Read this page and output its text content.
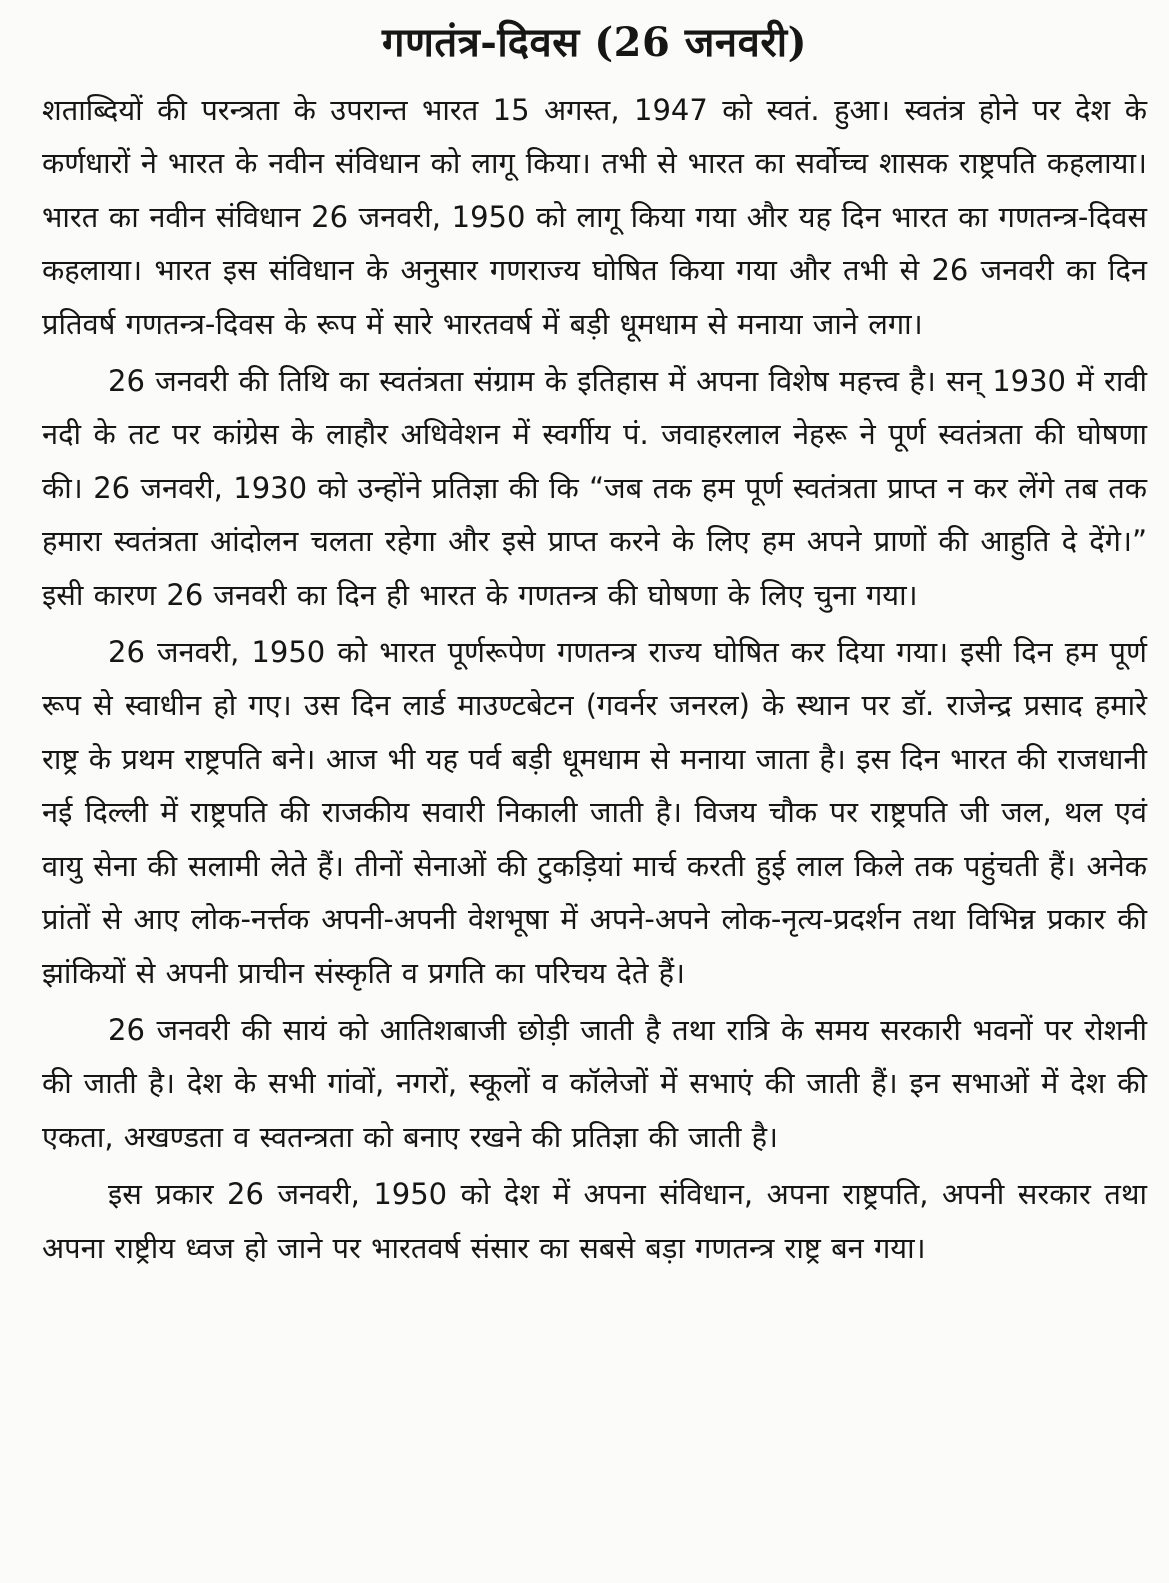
गणतंत्र-दिवस (26 जनवरी)

शताब्दियों की परन्त्रता के उपरान्त भारत 15 अगस्त, 1947 को स्वतं. हुआ। स्वतंत्र होने पर देश के कर्णधारों ने भारत के नवीन संविधान को लागू किया। तभी से भारत का सर्वोच्च शासक राष्ट्रपति कहलाया। भारत का नवीन संविधान 26 जनवरी, 1950 को लागू किया गया और यह दिन भारत का गणतन्त्र-दिवस कहलाया। भारत इस संविधान के अनुसार गणराज्य घोषित किया गया और तभी से 26 जनवरी का दिन प्रतिवर्ष गणतन्त्र-दिवस के रूप में सारे भारतवर्ष में बड़ी धूमधाम से मनाया जाने लगा।

26 जनवरी की तिथि का स्वतंत्रता संग्राम के इतिहास में अपना विशेष महत्त्व है। सन् 1930 में रावी नदी के तट पर कांग्रेस के लाहौर अधिवेशन में स्वर्गीय पं. जवाहरलाल नेहरू ने पूर्ण स्वतंत्रता की घोषणा की। 26 जनवरी, 1930 को उन्होंने प्रतिज्ञा की कि “जब तक हम पूर्ण स्वतंत्रता प्राप्त न कर लेंगे तब तक हमारा स्वतंत्रता आंदोलन चलता रहेगा और इसे प्राप्त करने के लिए हम अपने प्राणों की आहुति दे देंगे।” इसी कारण 26 जनवरी का दिन ही भारत के गणतन्त्र की घोषणा के लिए चुना गया।

26 जनवरी, 1950 को भारत पूर्णरूपेण गणतन्त्र राज्य घोषित कर दिया गया। इसी दिन हम पूर्ण रूप से स्वाधीन हो गए। उस दिन लार्ड माउण्टबेटन (गवर्नर जनरल) के स्थान पर डॉ. राजेन्द्र प्रसाद हमारे राष्ट्र के प्रथम राष्ट्रपति बने। आज भी यह पर्व बड़ी धूमधाम से मनाया जाता है। इस दिन भारत की राजधानी नई दिल्ली में राष्ट्रपति की राजकीय सवारी निकाली जाती है। विजय चौक पर राष्ट्रपति जी जल, थल एवं वायु सेना की सलामी लेते हैं। तीनों सेनाओं की टुकड़ियां मार्च करती हुई लाल किले तक पहुंचती हैं। अनेक प्रांतों से आए लोक-नर्त्तक अपनी-अपनी वेशभूषा में अपने-अपने लोक-नृत्य-प्रदर्शन तथा विभिन्न प्रकार की झांकियों से अपनी प्राचीन संस्कृति व प्रगति का परिचय देते हैं।

26 जनवरी की सायं को आतिशबाजी छोड़ी जाती है तथा रात्रि के समय सरकारी भवनों पर रोशनी की जाती है। देश के सभी गांवों, नगरों, स्कूलों व कॉलेजों में सभाएं की जाती हैं। इन सभाओं में देश की एकता, अखण्डता व स्वतन्त्रता को बनाए रखने की प्रतिज्ञा की जाती है।

इस प्रकार 26 जनवरी, 1950 को देश में अपना संविधान, अपना राष्ट्रपति, अपनी सरकार तथा अपना राष्ट्रीय ध्वज हो जाने पर भारतवर्ष संसार का सबसे बड़ा गणतन्त्र राष्ट्र बन गया।
